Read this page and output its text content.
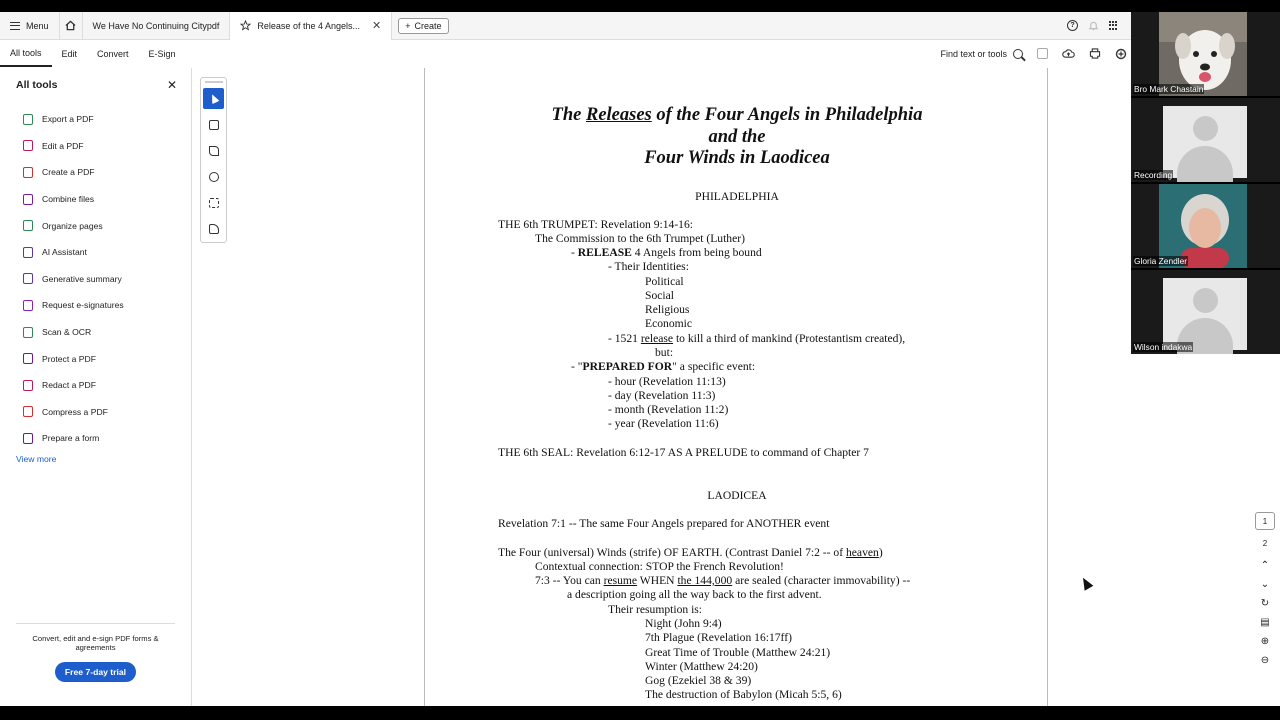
Menu	We Have No Continuing Citypdf	Release of the 4 Angels... ✕	+ Create	?
All tools	Edit	Convert	E-Sign	Find text or tools
All tools	✕
Export a PDF
Edit a PDF
Create a PDF
Combine files
Organize pages
AI Assistant
Generative summary
Request e-signatures
Scan & OCR
Protect a PDF
Redact a PDF
Compress a PDF
Prepare a form
View more
Convert, edit and e-sign PDF forms & agreements
Free 7-day trial
The Releases of the Four Angels in Philadelphia
and the
Four Winds in Laodicea
PHILADELPHIA
THE 6th TRUMPET: Revelation 9:14-16:
The Commission to the 6th Trumpet (Luther)
- RELEASE 4 Angels from being bound
- Their Identities:
Political
Social
Religious
Economic
- 1521 release to kill a third of mankind (Protestantism created),
but:
- "PREPARED FOR" a specific event:
- hour (Revelation 11:13)
- day (Revelation 11:3)
- month (Revelation 11:2)
- year (Revelation 11:6)
THE 6th SEAL: Revelation 6:12-17 AS A PRELUDE to command of Chapter 7
LAODICEA
Revelation 7:1 -- The same Four Angels prepared for ANOTHER event
The Four (universal) Winds (strife) OF EARTH. (Contrast Daniel 7:2 -- of heaven)
Contextual connection: STOP the French Revolution!
7:3 -- You can resume WHEN the 144,000 are sealed (character immovability) --
a description going all the way back to the first advent.
Their resumption is:
Night (John 9:4)
7th Plague (Revelation 16:17ff)
Great Time of Trouble (Matthew 24:21)
Winter (Matthew 24:20)
Gog (Ezekiel 38 & 39)
The destruction of Babylon (Micah 5:5, 6)
1
2
⌃
⌄
↻
▤
⊕
⊖
Bro Mark Chastain
Recording
Gloria Zendler
Wilson indakwa
